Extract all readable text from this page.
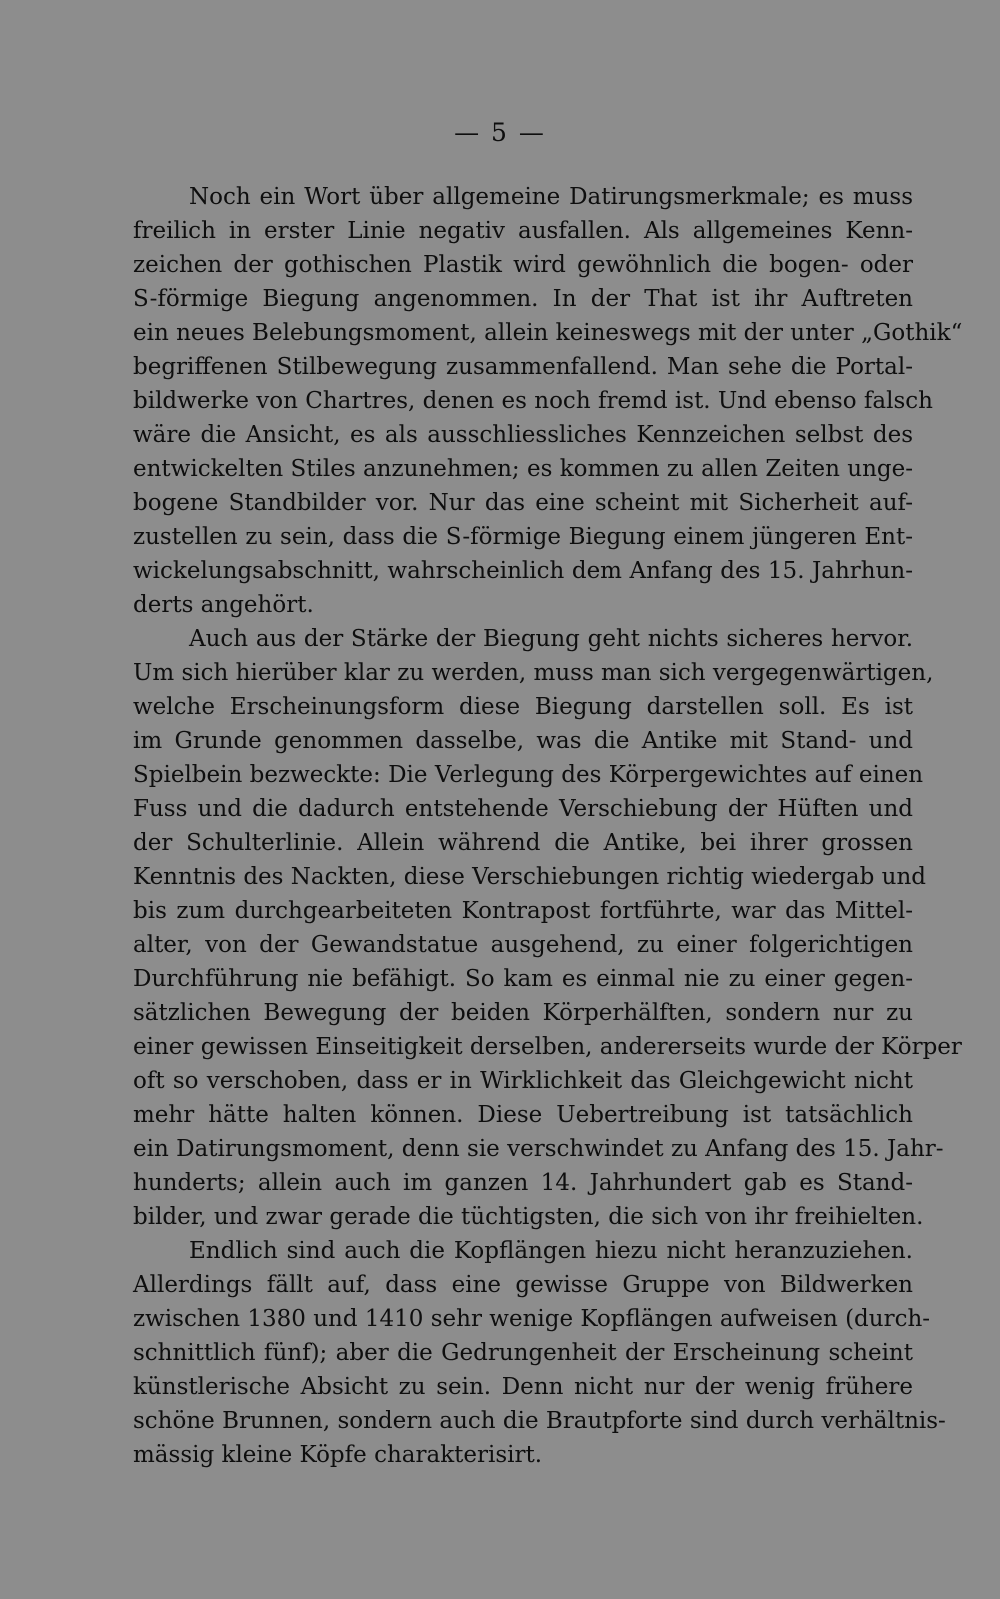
— 5 —
Noch ein Wort über allgemeine Datirungsmerkmale; es muss
freilich in erster Linie negativ ausfallen. Als allgemeines Kenn-
zeichen der gothischen Plastik wird gewöhnlich die bogen- oder
S-förmige Biegung angenommen. In der That ist ihr Auftreten
ein neues Belebungsmoment, allein keineswegs mit der unter „Gothik“
begriffenen Stilbewegung zusammenfallend. Man sehe die Portal-
bildwerke von Chartres, denen es noch fremd ist. Und ebenso falsch
wäre die Ansicht, es als ausschliessliches Kennzeichen selbst des
entwickelten Stiles anzunehmen; es kommen zu allen Zeiten unge-
bogene Standbilder vor. Nur das eine scheint mit Sicherheit auf-
zustellen zu sein, dass die S-förmige Biegung einem jüngeren Ent-
wickelungsabschnitt, wahrscheinlich dem Anfang des 15. Jahrhun-
derts angehört.
Auch aus der Stärke der Biegung geht nichts sicheres hervor.
Um sich hierüber klar zu werden, muss man sich vergegenwärtigen,
welche Erscheinungsform diese Biegung darstellen soll. Es ist
im Grunde genommen dasselbe, was die Antike mit Stand- und
Spielbein bezweckte: Die Verlegung des Körpergewichtes auf einen
Fuss und die dadurch entstehende Verschiebung der Hüften und
der Schulterlinie. Allein während die Antike, bei ihrer grossen
Kenntnis des Nackten, diese Verschiebungen richtig wiedergab und
bis zum durchgearbeiteten Kontrapost fortführte, war das Mittel-
alter, von der Gewandstatue ausgehend, zu einer folgerichtigen
Durchführung nie befähigt. So kam es einmal nie zu einer gegen-
sätzlichen Bewegung der beiden Körperhälften, sondern nur zu
einer gewissen Einseitigkeit derselben, andererseits wurde der Körper
oft so verschoben, dass er in Wirklichkeit das Gleichgewicht nicht
mehr hätte halten können. Diese Uebertreibung ist tatsächlich
ein Datirungsmoment, denn sie verschwindet zu Anfang des 15. Jahr-
hunderts; allein auch im ganzen 14. Jahrhundert gab es Stand-
bilder, und zwar gerade die tüchtigsten, die sich von ihr freihielten.
Endlich sind auch die Kopflängen hiezu nicht heranzuziehen.
Allerdings fällt auf, dass eine gewisse Gruppe von Bildwerken
zwischen 1380 und 1410 sehr wenige Kopflängen aufweisen (durch-
schnittlich fünf); aber die Gedrungenheit der Erscheinung scheint
künstlerische Absicht zu sein. Denn nicht nur der wenig frühere
schöne Brunnen, sondern auch die Brautpforte sind durch verhältnis-
mässig kleine Köpfe charakterisirt.
